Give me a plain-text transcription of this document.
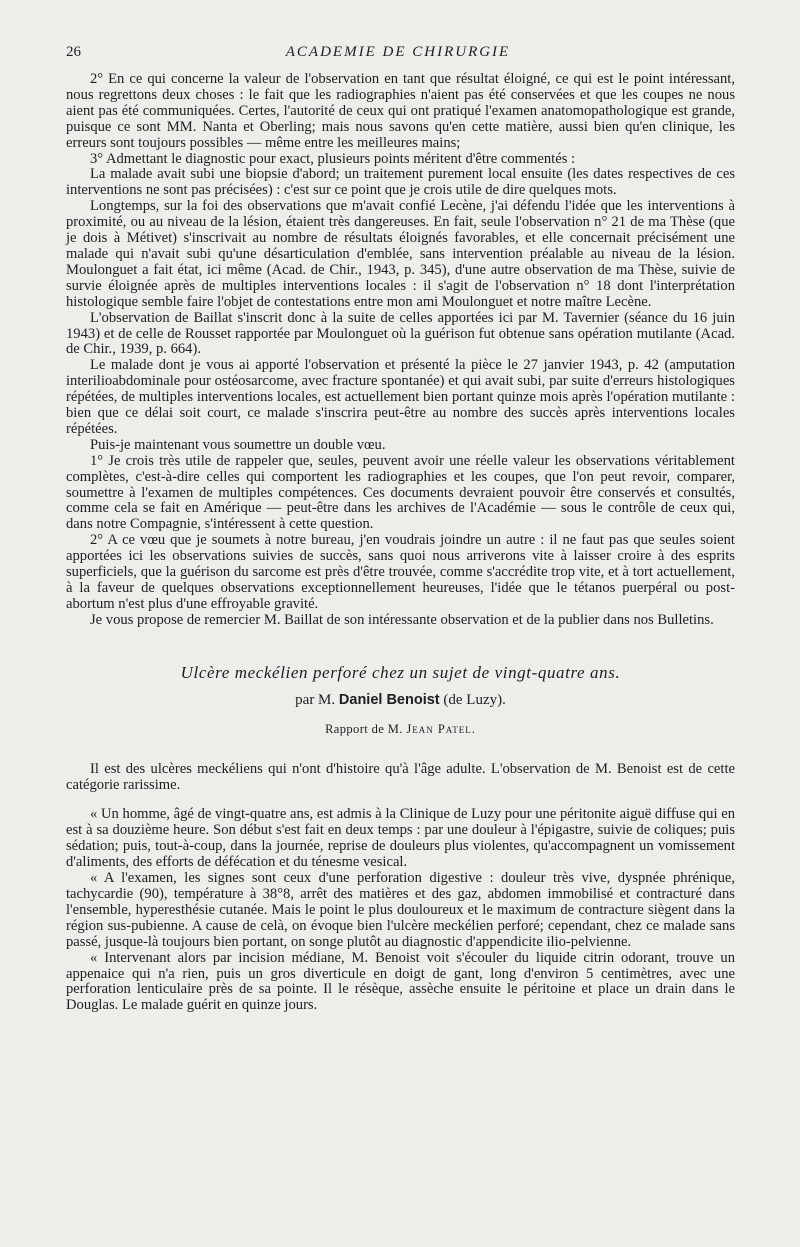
26	ACADEMIE DE CHIRURGIE

2° En ce qui concerne la valeur de l'observation en tant que résultat éloigné, ce qui est le point intéressant, nous regrettons deux choses : le fait que les radiographies n'aient pas été conservées et que les coupes ne nous aient pas été communiquées. Certes, l'autorité de ceux qui ont pratiqué l'examen anatomopathologique est grande, puisque ce sont MM. Nanta et Oberling; mais nous savons qu'en cette matière, aussi bien qu'en clinique, les erreurs sont toujours possibles — même entre les meilleures mains;

3° Admettant le diagnostic pour exact, plusieurs points méritent d'être commentés :

La malade avait subi une biopsie d'abord; un traitement purement local ensuite (les dates respectives de ces interventions ne sont pas précisées) : c'est sur ce point que je crois utile de dire quelques mots.

Longtemps, sur la foi des observations que m'avait confié Lecène, j'ai défendu l'idée que les interventions à proximité, ou au niveau de la lésion, étaient très dangereuses. En fait, seule l'observation n° 21 de ma Thèse (que je dois à Métivet) s'inscrivait au nombre de résultats éloignés favorables, et elle concernait précisément une malade qui n'avait subi qu'une désarticulation d'emblée, sans intervention préalable au niveau de la lésion. Moulonguet a fait état, ici même (Acad. de Chir., 1943, p. 345), d'une autre observation de ma Thèse, suivie de survie éloignée après de multiples interventions locales : il s'agit de l'observation n° 18 dont l'interprétation histologique semble faire l'objet de contestations entre mon ami Moulonguet et notre maître Lecène.

L'observation de Baillat s'inscrit donc à la suite de celles apportées ici par M. Tavernier (séance du 16 juin 1943) et de celle de Rousset rapportée par Moulonguet où la guérison fut obtenue sans opération mutilante (Acad. de Chir., 1939, p. 664).

Le malade dont je vous ai apporté l'observation et présenté la pièce le 27 janvier 1943, p. 42 (amputation interilioabdominale pour ostéosarcome, avec fracture spontanée) et qui avait subi, par suite d'erreurs histologiques répétées, de multiples interventions locales, est actuellement bien portant quinze mois après l'opération mutilante : bien que ce délai soit court, ce malade s'inscrira peut-être au nombre des succès après interventions locales répétées.

Puis-je maintenant vous soumettre un double vœu.

1° Je crois très utile de rappeler que, seules, peuvent avoir une réelle valeur les observations véritablement complètes, c'est-à-dire celles qui comportent les radiographies et les coupes, que l'on peut revoir, comparer, soumettre à l'examen de multiples compétences. Ces documents devraient pouvoir être conservés et consultés, comme cela se fait en Amérique — peut-être dans les archives de l'Académie — sous le contrôle de ceux qui, dans notre Compagnie, s'intéressent à cette question.

2° A ce vœu que je soumets à notre bureau, j'en voudrais joindre un autre : il ne faut pas que seules soient apportées ici les observations suivies de succès, sans quoi nous arriverons vite à laisser croire à des esprits superficiels, que la guérison du sarcome est près d'être trouvée, comme s'accrédite trop vite, et à tort actuellement, à la faveur de quelques observations exceptionnellement heureuses, l'idée que le tétanos puerpéral ou post-abortum n'est plus d'une effroyable gravité.

Je vous propose de remercier M. Baillat de son intéressante observation et de la publier dans nos Bulletins.

Ulcère meckélien perforé chez un sujet de vingt-quatre ans.
par M. Daniel Benoist (de Luzy).
Rapport de M. Jean Patel.

Il est des ulcères meckéliens qui n'ont d'histoire qu'à l'âge adulte. L'observation de M. Benoist est de cette catégorie rarissime.

« Un homme, âgé de vingt-quatre ans, est admis à la Clinique de Luzy pour une péritonite aiguë diffuse qui en est à sa douzième heure. Son début s'est fait en deux temps : par une douleur à l'épigastre, suivie de coliques; puis sédation; puis, tout-à-coup, dans la journée, reprise de douleurs plus violentes, qu'accompagnent un vomissement d'aliments, des efforts de défécation et du ténesme vesical.

« A l'examen, les signes sont ceux d'une perforation digestive : douleur très vive, dyspnée phrénique, tachycardie (90), température à 38°8, arrêt des matières et des gaz, abdomen immobilisé et contracturé dans l'ensemble, hyperesthésie cutanée. Mais le point le plus douloureux et le maximum de contracture siègent dans la région sus-pubienne. A cause de celà, on évoque bien l'ulcère meckélien perforé; cependant, chez ce malade sans passé, jusque-là toujours bien portant, on songe plutôt au diagnostic d'appendicite ilio-pelvienne.

« Intervenant alors par incision médiane, M. Benoist voit s'écouler du liquide citrin odorant, trouve un appenaice qui n'a rien, puis un gros diverticule en doigt de gant, long d'environ 5 centimètres, avec une perforation lenticulaire près de sa pointe. Il le résèque, assèche ensuite le péritoine et place un drain dans le Douglas. Le malade guérit en quinze jours.
